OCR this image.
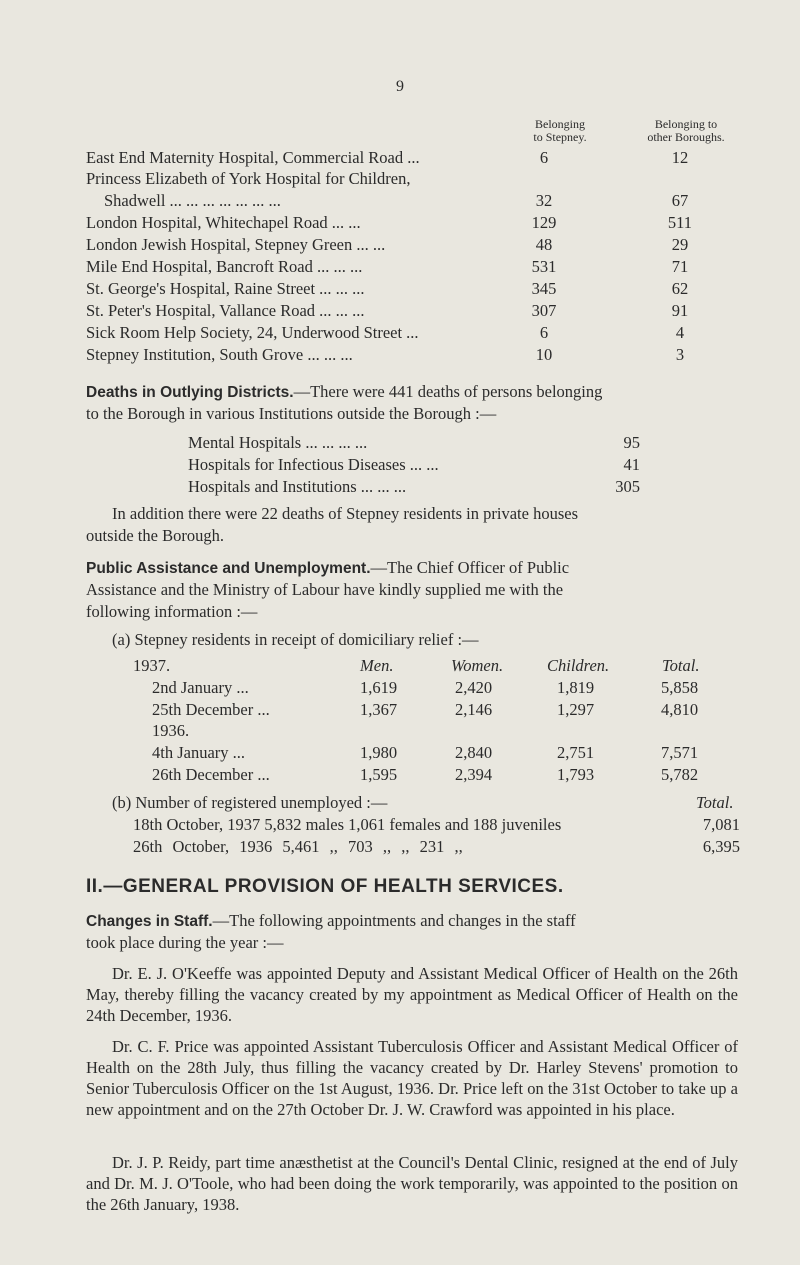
9
Belonging
to Stepney.
Belonging to
other Boroughs.
East End Maternity Hospital, Commercial Road ...	6	12
Princess Elizabeth of York Hospital for Children,
Shadwell ... ... ... ... ... ... ...	32	67
London Hospital, Whitechapel Road ... ...	129	511
London Jewish Hospital, Stepney Green ... ...	48	29
Mile End Hospital, Bancroft Road ... ... ...	531	71
St. George's Hospital, Raine Street ... ... ...	345	62
St. Peter's Hospital, Vallance Road ... ... ...	307	91
Sick Room Help Society, 24, Underwood Street ...	6	4
Stepney Institution, South Grove ... ... ...	10	3
Deaths in Outlying Districts.—There were 441 deaths of persons belonging
to the Borough in various Institutions outside the Borough :—
Mental Hospitals ... ... ... ...	95
Hospitals for Infectious Diseases ... ...	41
Hospitals and Institutions ... ... ...	305
In addition there were 22 deaths of Stepney residents in private houses
outside the Borough.
Public Assistance and Unemployment.—The Chief Officer of Public
Assistance and the Ministry of Labour have kindly supplied me with the
following information :—
(a) Stepney residents in receipt of domiciliary relief :—
1937.	Men.	Women.	Children.	Total.
2nd January ...	1,619	2,420	1,819	5,858
25th December ...	1,367	2,146	1,297	4,810
1936.
4th January ...	1,980	2,840	2,751	7,571
26th December ...	1,595	2,394	1,793	5,782
(b) Number of registered unemployed :—	Total.
18th October, 1937 5,832 males 1,061 females and 188 juveniles	7,081
26th October, 1936 5,461 ,, 703 ,, ,, 231 ,,	6,395
II.—GENERAL PROVISION OF HEALTH SERVICES.
Changes in Staff.—The following appointments and changes in the staff
took place during the year :—
Dr. E. J. O'Keeffe was appointed Deputy and Assistant Medical Officer of Health on the 26th May, thereby filling the vacancy created by my appointment as Medical Officer of Health on the 24th December, 1936.
Dr. C. F. Price was appointed Assistant Tuberculosis Officer and Assistant Medical Officer of Health on the 28th July, thus filling the vacancy created by Dr. Harley Stevens' promotion to Senior Tuberculosis Officer on the 1st August, 1936. Dr. Price left on the 31st October to take up a new appointment and on the 27th October Dr. J. W. Crawford was appointed in his place.
Dr. J. P. Reidy, part time anæsthetist at the Council's Dental Clinic, resigned at the end of July and Dr. M. J. O'Toole, who had been doing the work temporarily, was appointed to the position on the 26th January, 1938.
